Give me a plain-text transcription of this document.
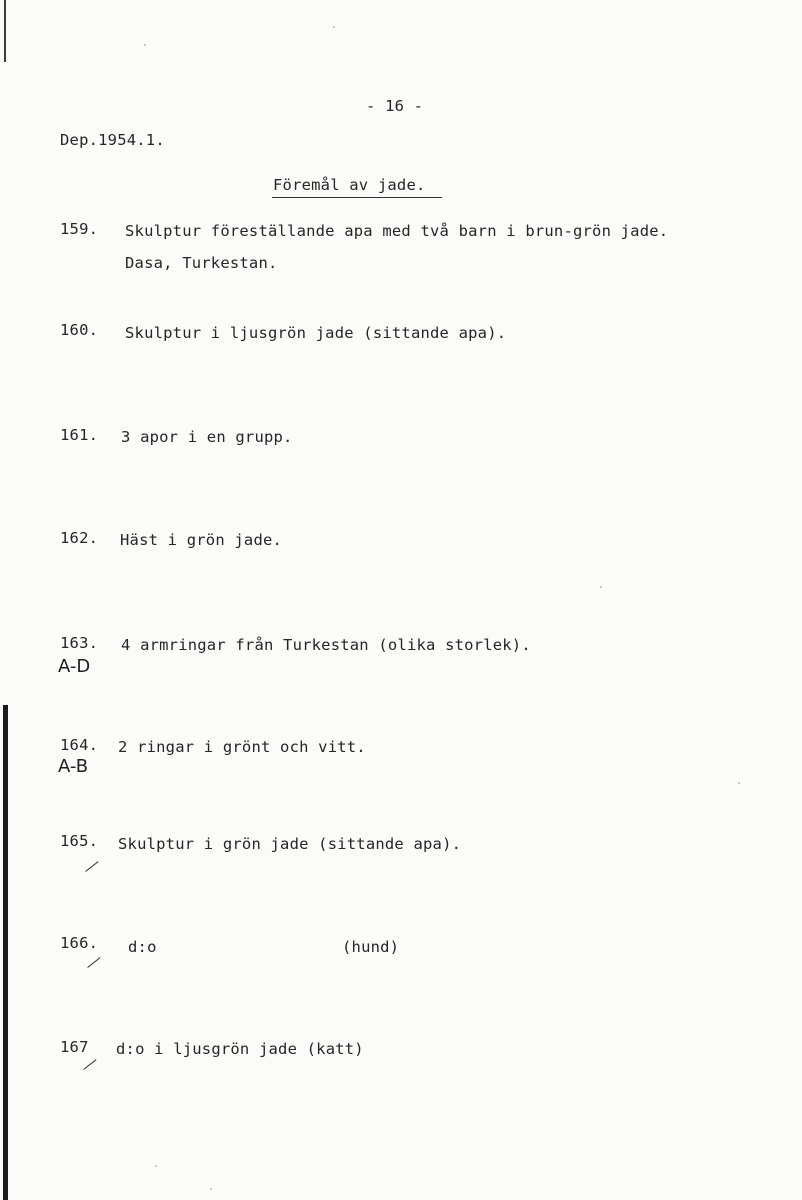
- 16 -
Dep.1954.1.
Föremål av jade.
159. Skulptur föreställande apa med två barn i brun-grön jade.
Dasa, Turkestan.
160. Skulptur i ljusgrön jade (sittande apa).
161. 3 apor i en grupp.
162. Häst i grön jade.
163. 4 armringar från Turkestan (olika storlek).
A-D
164. 2 ringar i grönt och vitt.
A-B
165. Skulptur i grön jade (sittande apa).
166. d:o	(hund)
167 d:o i ljusgrön jade (katt)
